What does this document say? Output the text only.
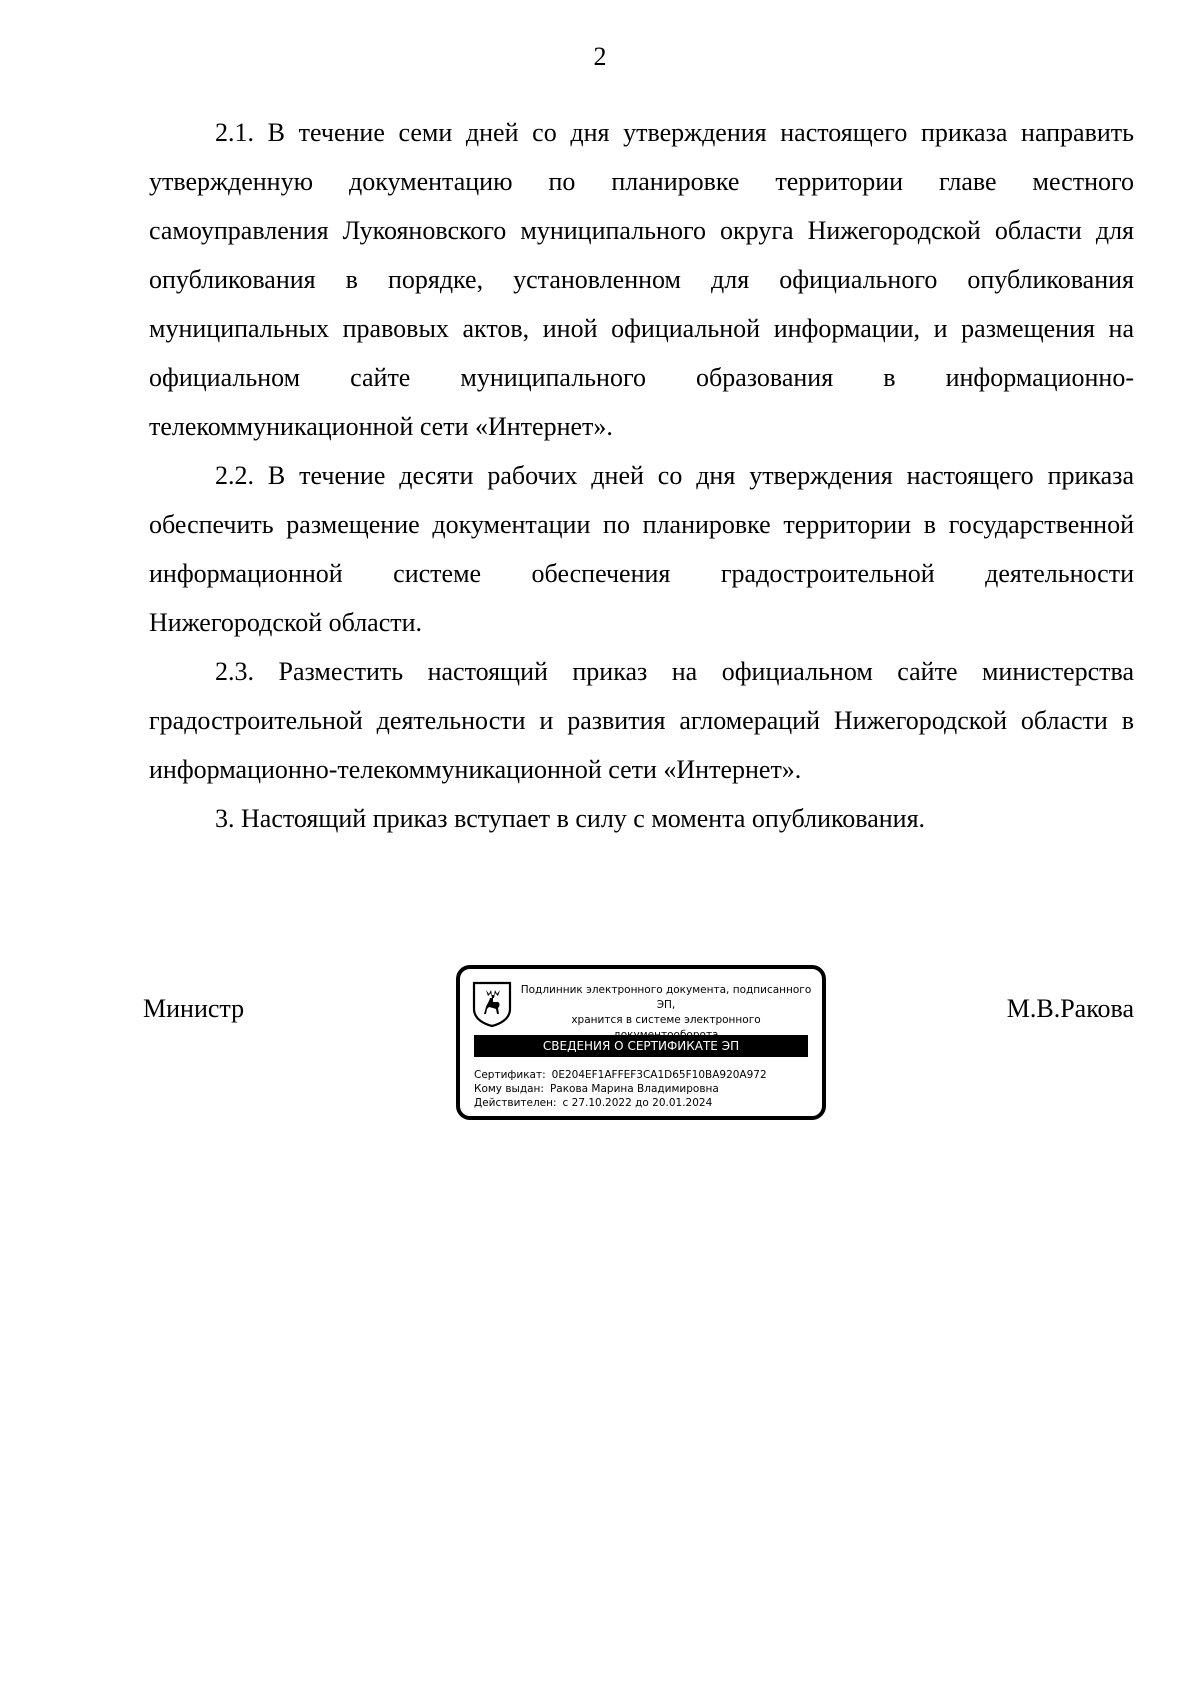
2

2.1. В течение семи дней со дня утверждения настоящего приказа направить утвержденную документацию по планировке территории главе местного самоуправления Лукояновского муниципального округа Нижегородской области для опубликования в порядке, установленном для официального опубликования муниципальных правовых актов, иной официальной информации, и размещения на официальном сайте муниципального образования в информационно-телекоммуникационной сети «Интернет».

2.2. В течение десяти рабочих дней со дня утверждения настоящего приказа обеспечить размещение документации по планировке территории в государственной информационной системе обеспечения градостроительной деятельности Нижегородской области.

2.3. Разместить настоящий приказ на официальном сайте министерства градостроительной деятельности и развития агломераций Нижегородской области в информационно-телекоммуникационной сети «Интернет».

3. Настоящий приказ вступает в силу с момента опубликования.

Министр
Подлинник электронного документа, подписанного ЭП,
хранится в системе электронного
СВЕДЕНИЯ О СЕРТИФИКАТЕ ЭП
Сертификат: 0E204EF1AFFEF3CA1D65F10BA920A972
Кому выдан: Ракова Марина Владимировна
Действителен: с 27.10.2022 до 20.01.2024
М.В.Ракова
